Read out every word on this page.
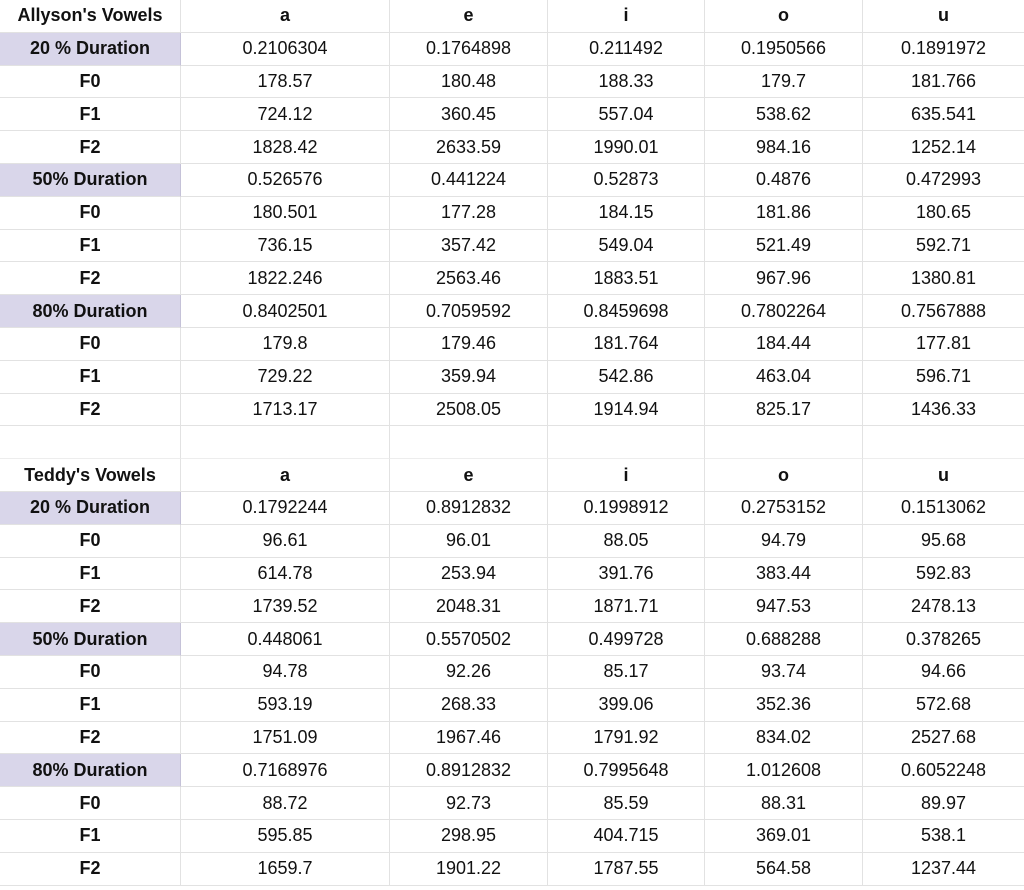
Allyson's Vowels	a	e	i	o	u
20 % Duration	0.2106304	0.1764898	0.211492	0.1950566	0.1891972
F0	178.57	180.48	188.33	179.7	181.766
F1	724.12	360.45	557.04	538.62	635.541
F2	1828.42	2633.59	1990.01	984.16	1252.14
50% Duration	0.526576	0.441224	0.52873	0.4876	0.472993
F0	180.501	177.28	184.15	181.86	180.65
F1	736.15	357.42	549.04	521.49	592.71
F2	1822.246	2563.46	1883.51	967.96	1380.81
80% Duration	0.8402501	0.7059592	0.8459698	0.7802264	0.7567888
F0	179.8	179.46	181.764	184.44	177.81
F1	729.22	359.94	542.86	463.04	596.71
F2	1713.17	2508.05	1914.94	825.17	1436.33
Teddy's Vowels	a	e	i	o	u
20 % Duration	0.1792244	0.8912832	0.1998912	0.2753152	0.1513062
F0	96.61	96.01	88.05	94.79	95.68
F1	614.78	253.94	391.76	383.44	592.83
F2	1739.52	2048.31	1871.71	947.53	2478.13
50% Duration	0.448061	0.5570502	0.499728	0.688288	0.378265
F0	94.78	92.26	85.17	93.74	94.66
F1	593.19	268.33	399.06	352.36	572.68
F2	1751.09	1967.46	1791.92	834.02	2527.68
80% Duration	0.7168976	0.8912832	0.7995648	1.012608	0.6052248
F0	88.72	92.73	85.59	88.31	89.97
F1	595.85	298.95	404.715	369.01	538.1
F2	1659.7	1901.22	1787.55	564.58	1237.44
